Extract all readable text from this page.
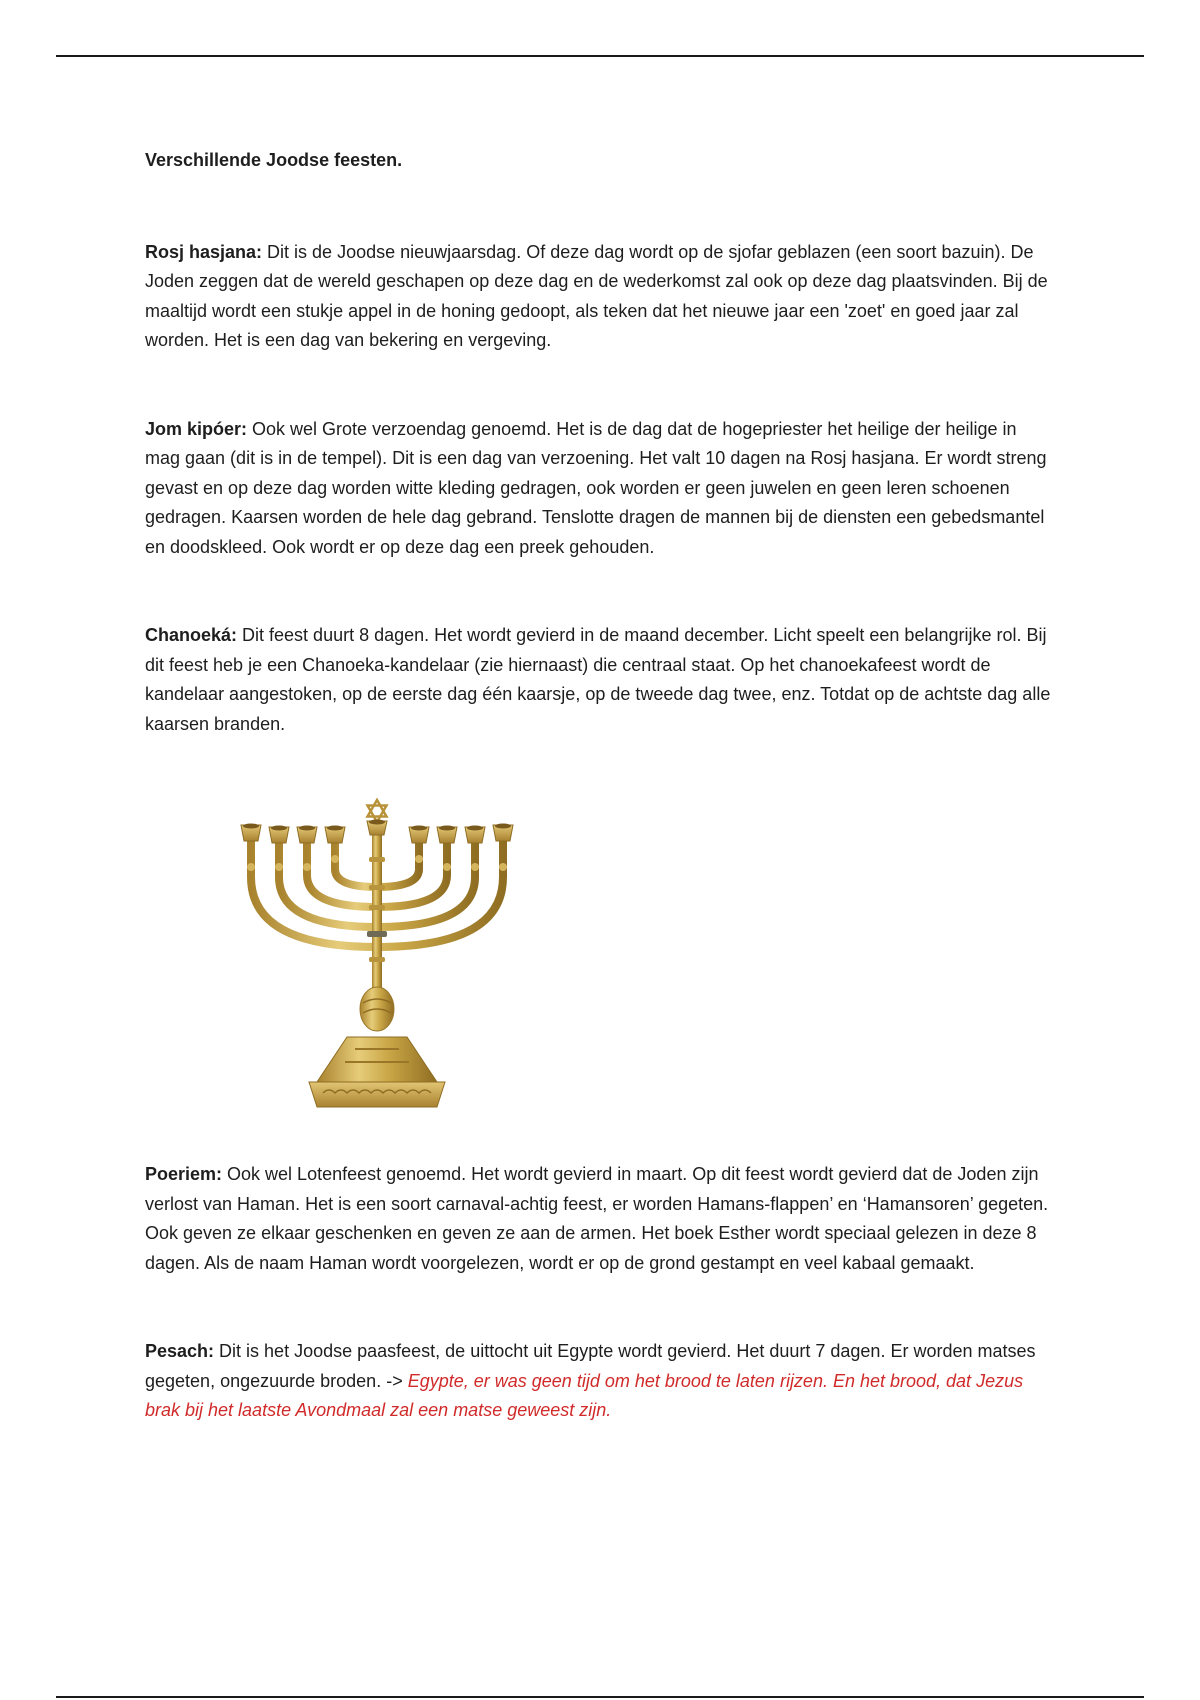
Verschillende Joodse feesten.

Rosj hasjana: Dit is de Joodse nieuwjaarsdag. Of deze dag wordt op de sjofar geblazen (een soort bazuin). De Joden zeggen dat de wereld geschapen op deze dag en de wederkomst zal ook op deze dag plaatsvinden. Bij de maaltijd wordt een stukje appel in de honing gedoopt, als teken dat het nieuwe jaar een 'zoet' en goed jaar zal worden. Het is een dag van bekering en vergeving.

Jom kipóer: Ook wel Grote verzoendag genoemd. Het is de dag dat de hogepriester het heilige der heilige in mag gaan (dit is in de tempel). Dit is een dag van verzoening. Het valt 10 dagen na Rosj hasjana. Er wordt streng gevast en op deze dag worden witte kleding gedragen, ook worden er geen juwelen en geen leren schoenen gedragen. Kaarsen worden de hele dag gebrand. Tenslotte dragen de mannen bij de diensten een gebedsmantel en doodskleed. Ook wordt er op deze dag een preek gehouden.

Chanoeká: Dit feest duurt 8 dagen. Het wordt gevierd in de maand december. Licht speelt een belangrijke rol. Bij dit feest heb je een Chanoeka-kandelaar (zie hiernaast) die centraal staat. Op het chanoekafeest wordt de kandelaar aangestoken, op de eerste dag één kaarsje, op de tweede dag twee, enz. Totdat op de achtste dag alle kaarsen branden.

Poeriem: Ook wel Lotenfeest genoemd. Het wordt gevierd in maart. Op dit feest wordt gevierd dat de Joden zijn verlost van Haman. Het is een soort carnaval-achtig feest, er worden Hamans-flappen’ en ‘Hamansoren’ gegeten. Ook geven ze elkaar geschenken en geven ze aan de armen. Het boek Esther wordt speciaal gelezen in deze 8 dagen. Als de naam Haman wordt voorgelezen, wordt er op de grond gestampt en veel kabaal gemaakt.

Pesach: Dit is het Joodse paasfeest, de uittocht uit Egypte wordt gevierd. Het duurt 7 dagen. Er worden matses gegeten, ongezuurde broden. -> Egypte, er was geen tijd om het brood te laten rijzen. En het brood, dat Jezus brak bij het laatste Avondmaal zal een matse geweest zijn.
